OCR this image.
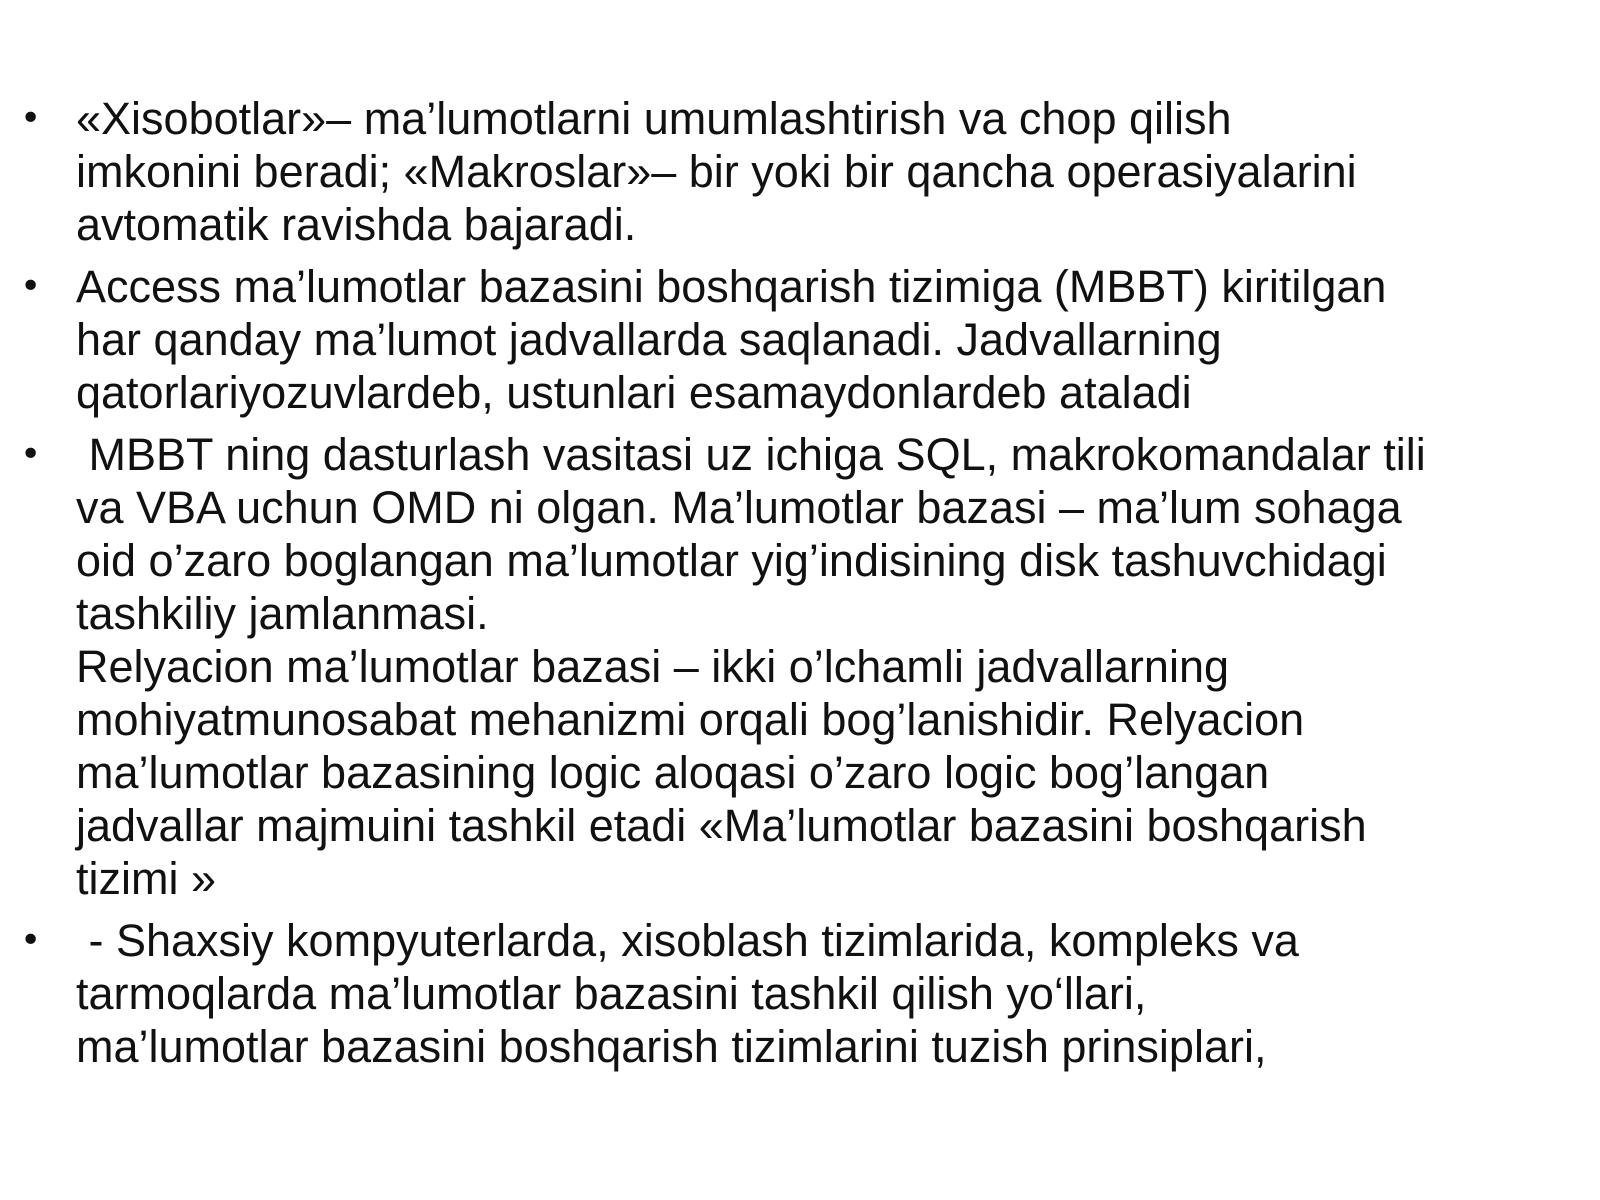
• «Xisobotlar»– ma’lumotlarni umumlashtirish va chop qilish
imkonini beradi; «Makroslar»– bir yoki bir qancha operasiyalarini
avtomatik ravishda bajaradi.
• Access ma’lumotlar bazasini boshqarish tizimiga (MBBT) kiritilgan
har qanday ma’lumot jadvallarda saqlanadi. Jadvallarning
qatorlariyozuvlardeb, ustunlari esamaydonlardeb ataladi
• MBBT ning dasturlash vasitasi uz ichiga SQL, makrokomandalar tili
va VBA uchun OMD ni olgan. Ma’lumotlar bazasi – ma’lum sohaga
oid o’zaro boglangan ma’lumotlar yig’indisining disk tashuvchidagi
tashkiliy jamlanmasi.
Relyacion ma’lumotlar bazasi – ikki o’lchamli jadvallarning
mohiyatmunosabat mehanizmi orqali bog’lanishidir. Relyacion
ma’lumotlar bazasining logic aloqasi o’zaro logic bog’langan
jadvallar majmuini tashkil etadi «Ma’lumotlar bazasini boshqarish
tizimi »
• - Shaxsiy kompyuterlarda, xisoblash tizimlarida, kompleks va
tarmoqlarda ma’lumotlar bazasini tashkil qilish yo‘llari,
ma’lumotlar bazasini boshqarish tizimlarini tuzish prinsiplari,
